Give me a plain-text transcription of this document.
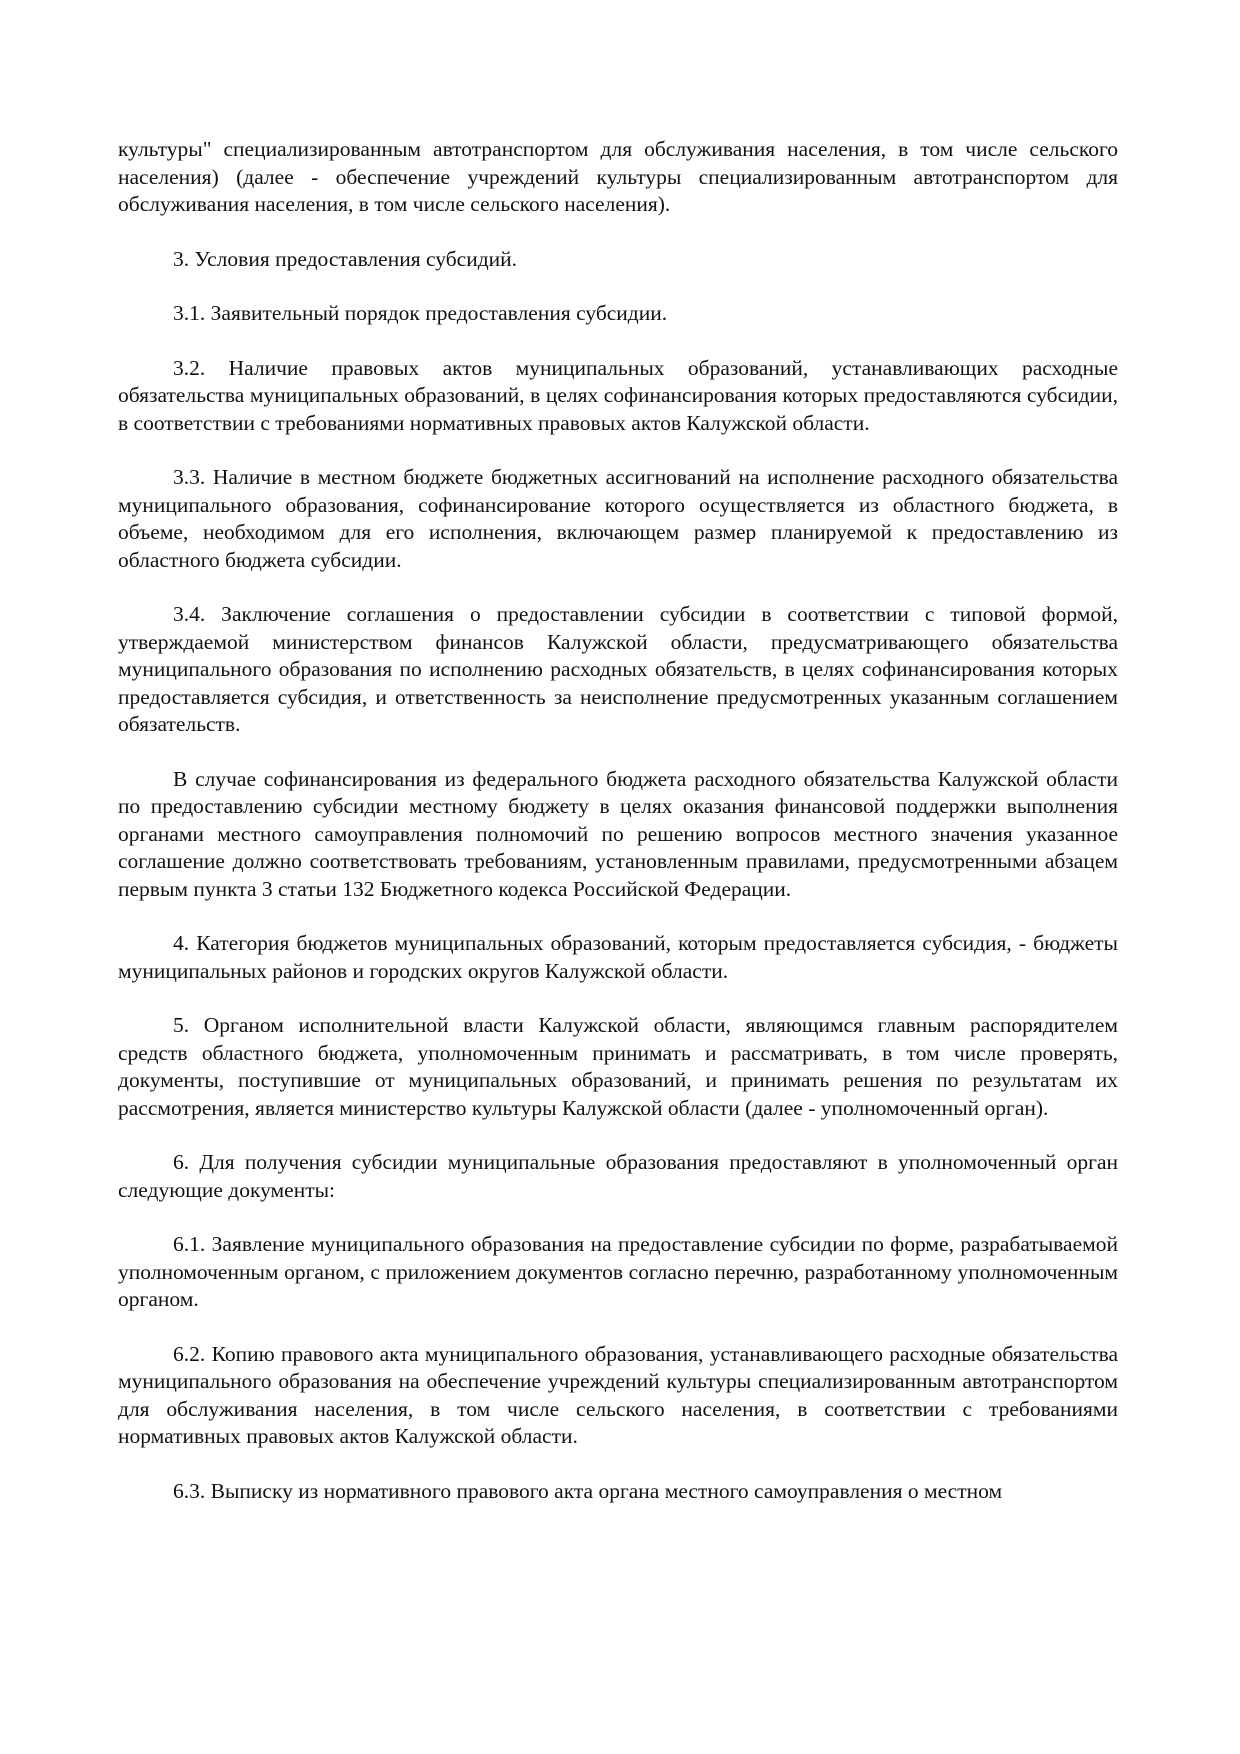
культуры" специализированным автотранспортом для обслуживания населения, в том числе сельского населения) (далее - обеспечение учреждений культуры специализированным автотранспортом для обслуживания населения, в том числе сельского населения).

3. Условия предоставления субсидий.

3.1. Заявительный порядок предоставления субсидии.

3.2. Наличие правовых актов муниципальных образований, устанавливающих расходные обязательства муниципальных образований, в целях софинансирования которых предоставляются субсидии, в соответствии с требованиями нормативных правовых актов Калужской области.

3.3. Наличие в местном бюджете бюджетных ассигнований на исполнение расходного обязательства муниципального образования, софинансирование которого осуществляется из областного бюджета, в объеме, необходимом для его исполнения, включающем размер планируемой к предоставлению из областного бюджета субсидии.

3.4. Заключение соглашения о предоставлении субсидии в соответствии с типовой формой, утверждаемой министерством финансов Калужской области, предусматривающего обязательства муниципального образования по исполнению расходных обязательств, в целях софинансирования которых предоставляется субсидия, и ответственность за неисполнение предусмотренных указанным соглашением обязательств.

В случае софинансирования из федерального бюджета расходного обязательства Калужской области по предоставлению субсидии местному бюджету в целях оказания финансовой поддержки выполнения органами местного самоуправления полномочий по решению вопросов местного значения указанное соглашение должно соответствовать требованиям, установленным правилами, предусмотренными абзацем первым пункта 3 статьи 132 Бюджетного кодекса Российской Федерации.

4. Категория бюджетов муниципальных образований, которым предоставляется субсидия, - бюджеты муниципальных районов и городских округов Калужской области.

5. Органом исполнительной власти Калужской области, являющимся главным распорядителем средств областного бюджета, уполномоченным принимать и рассматривать, в том числе проверять, документы, поступившие от муниципальных образований, и принимать решения по результатам их рассмотрения, является министерство культуры Калужской области (далее - уполномоченный орган).

6. Для получения субсидии муниципальные образования предоставляют в уполномоченный орган следующие документы:

6.1. Заявление муниципального образования на предоставление субсидии по форме, разрабатываемой уполномоченным органом, с приложением документов согласно перечню, разработанному уполномоченным органом.

6.2. Копию правового акта муниципального образования, устанавливающего расходные обязательства муниципального образования на обеспечение учреждений культуры специализированным автотранспортом для обслуживания населения, в том числе сельского населения, в соответствии с требованиями нормативных правовых актов Калужской области.

6.3. Выписку из нормативного правового акта органа местного самоуправления о местном
